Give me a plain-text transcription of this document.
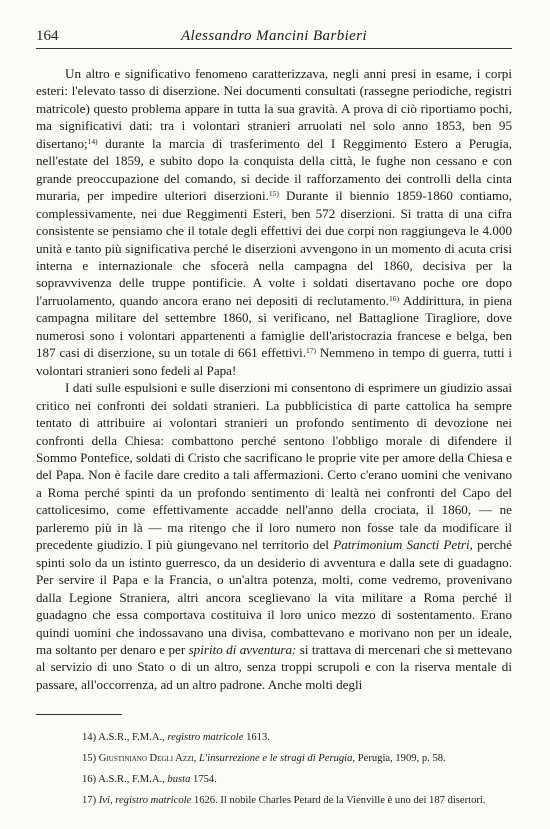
164	Alessandro Mancini Barbieri

Un altro e significativo fenomeno caratterizzava, negli anni presi in esame, i corpi esteri: l'elevato tasso di diserzione. Nei documenti consultati (rassegne periodiche, registri matricole) questo problema appare in tutta la sua gravità. A prova di ciò riportiamo pochi, ma significativi dati: tra i volontari stranieri arruolati nel solo anno 1853, ben 95 disertano;$^{14)}$ durante la marcia di trasferimento del I Reggimento Estero a Perugia, nell'estate del 1859, e subito dopo la conquista della città, le fughe non cessano e con grande preoccupazione del comando, si decide il rafforzamento dei controlli della cinta muraria, per impedire ulteriori diserzioni.$^{15)}$ Durante il biennio 1859-1860 contiamo, complessivamente, nei due Reggimenti Esteri, ben 572 diserzioni. Si tratta di una cifra consistente se pensiamo che il totale degli effettivi dei due corpi non raggiungeva le 4.000 unità e tanto più significativa perché le diserzioni avvengono in un momento di acuta crisi interna e internazionale che sfocerà nella campagna del 1860, decisiva per la sopravvivenza delle truppe pontificie. A volte i soldati disertavano poche ore dopo l'arruolamento, quando ancora erano nei depositi di reclutamento.$^{16)}$ Addirittura, in piena campagna militare del settembre 1860, si verificano, nel Battaglione Tiragliore, dove numerosi sono i volontari appartenenti a famiglie dell'aristocrazia francese e belga, ben 187 casi di diserzione, su un totale di 661 effettivi.$^{17)}$ Nemmeno in tempo di guerra, tutti i volontari stranieri sono fedeli al Papa!

I dati sulle espulsioni e sulle diserzioni mi consentono di esprimere un giudizio assai critico nei confronti dei soldati stranieri. La pubblicistica di parte cattolica ha sempre tentato di attribuire ai volontari stranieri un profondo sentimento di devozione nei confronti della Chiesa: combattono perché sentono l'obbligo morale di difendere il Sommo Pontefice, soldati di Cristo che sacrificano le proprie vite per amore della Chiesa e del Papa. Non è facile dare credito a tali affermazioni. Certo c'erano uomini che venivano a Roma perché spinti da un profondo sentimento di lealtà nei confronti del Capo del cattolicesimo, come effettivamente accadde nell'anno della crociata, il 1860, — ne parleremo più in là — ma ritengo che il loro numero non fosse tale da modificare il precedente giudizio. I più giungevano nel territorio del Patrimonium Sancti Petri, perché spinti solo da un istinto guerresco, da un desiderio di avventura e dalla sete di guadagno. Per servire il Papa e la Francia, o un'altra potenza, molti, come vedremo, provenivano dalla Legione Straniera, altri ancora sceglievano la vita militare a Roma perché il guadagno che essa comportava costituiva il loro unico mezzo di sostentamento. Erano quindi uomini che indossavano una divisa, combattevano e morivano non per un ideale, ma soltanto per denaro e per spirito di avventura: si trattava di mercenari che si mettevano al servizio di uno Stato o di un altro, senza troppi scrupoli e con la riserva mentale di passare, all'occorrenza, ad un altro padrone. Anche molti degli

14) A.S.R., F.M.A., registro matricole 1613.

15) Giustiniano Degli Azzi, L'insurrezione e le stragi di Perugia, Perugia, 1909, p. 58.

16) A.S.R., F.M.A., busta 1754.

17) Ivi, registro matricole 1626. Il nobile Charles Petard de la Vienville è uno dei 187 disertori.
